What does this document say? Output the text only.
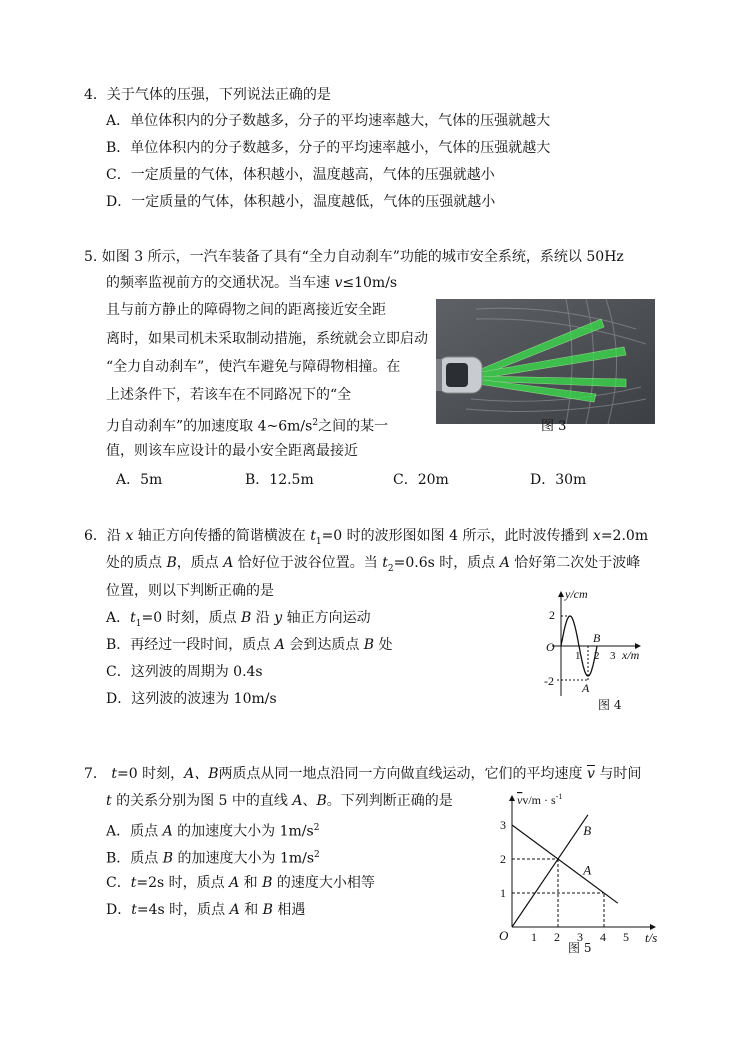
4．关于气体的压强，下列说法正确的是
A．单位体积内的分子数越多，分子的平均速率越大，气体的压强就越大
B．单位体积内的分子数越多，分子的平均速率越小，气体的压强就越大
C．一定质量的气体，体积越小，温度越高，气体的压强就越小
D．一定质量的气体，体积越小，温度越低，气体的压强就越小
5. 如图 3 所示，一汽车装备了具有“全力自动刹车”功能的城市安全系统，系统以 50Hz
的频率监视前方的交通状况。当车速 v≤10m/s
且与前方静止的障碍物之间的距离接近安全距
离时，如果司机未采取制动措施，系统就会立即启动
“全力自动刹车”，使汽车避免与障碍物相撞。在
上述条件下，若该车在不同路况下的“全
力自动刹车”的加速度取 $4\sim 6m/s^2$之间的某一
值，则该车应设计的最小安全距离最接近
A．5m	B．12.5m	C．20m	D．30m
图 3
6．沿 x 轴正方向传播的简谐横波在 $t_1=0$ 时的波形图如图 4 所示，此时波传播到 x=2.0m
处的质点 B，质点 A 恰好位于波谷位置。当 $t_2=0.6s$ 时，质点 A 恰好第二次处于波峰
位置，则以下判断正确的是
A．$t_1=0$ 时刻，质点 B 沿 y 轴正方向运动
B．再经过一段时间，质点 A 会到达质点 B 处
C．这列波的周期为 0.4s
D．这列波的波速为 10m/s
y/cm
x/m
2
-2
O
1 2 3
B
A
图 4
7． t=0 时刻，A、B两质点从同一地点沿同一方向做直线运动，它们的平均速度 $\overline{v}$ 与时间
t 的关系分别为图 5 中的直线 A、B。下列判断正确的是
A．质点 A 的加速度大小为 $1m/s^2$
B．质点 B 的加速度大小为 $1m/s^2$
C．t=2s 时，质点 A 和 B 的速度大小相等
D．t=4s 时，质点 A 和 B 相遇
$vv/m \cdot s^{-1}$
t/s
O 1 2 3 4 5
1
2
3
A
B
图 5
